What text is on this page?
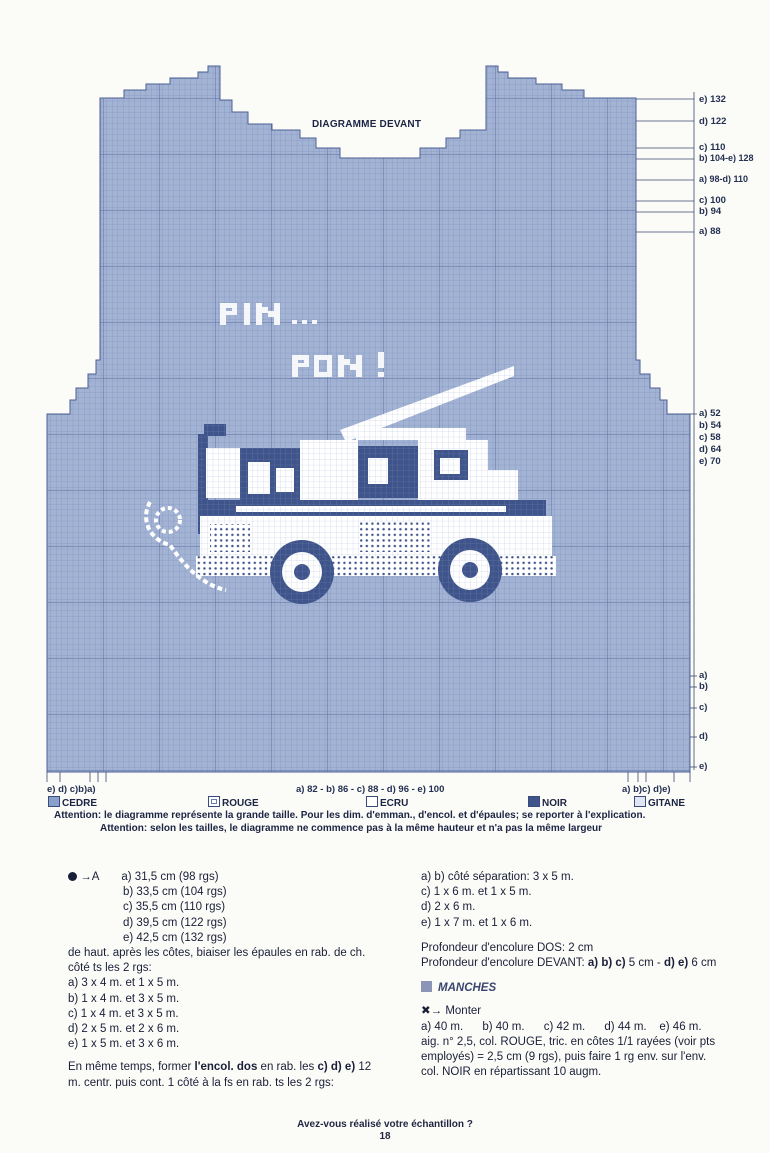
DIAGRAMME DEVANT
e) 132
d) 122
c) 110
b) 104-e) 128
a) 98-d) 110
c) 100
b) 94
a) 88
a) 52
b) 54
c) 58
d) 64
e) 70
a)
b)
c)
d)
e)
e) d) c)b)a)	a) 82 - b) 86 - c) 88 - d) 96 - e) 100	a) b)c) d)e)
CEDRE	ROUGE	ECRU	NOIR	GITANE
Attention: le diagramme représente la grande taille. Pour les dim. d'emman., d'encol. et d'épaules; se reporter à l'explication.
Attention: selon les tailles, le diagramme ne commence pas à la même hauteur et n'a pas la même largeur
→A a) 31,5 cm (98 rgs)
b) 33,5 cm (104 rgs)
c) 35,5 cm (110 rgs)
d) 39,5 cm (122 rgs)
e) 42,5 cm (132 rgs)
de haut. après les côtes, biaiser les épaules en rab. de ch.
côté ts les 2 rgs:
a) 3 x 4 m. et 1 x 5 m.
b) 1 x 4 m. et 3 x 5 m.
c) 1 x 4 m. et 3 x 5 m.
d) 2 x 5 m. et 2 x 6 m.
e) 1 x 5 m. et 3 x 6 m.
En même temps, former l'encol. dos en rab. les c) d) e) 12
m. centr. puis cont. 1 côté à la fs en rab. ts les 2 rgs:
a) b) côté séparation: 3 x 5 m.
c) 1 x 6 m. et 1 x 5 m.
d) 2 x 6 m.
e) 1 x 7 m. et 1 x 6 m.
Profondeur d'encolure DOS: 2 cm
Profondeur d'encolure DEVANT: a) b) c) 5 cm - d) e) 6 cm
MANCHES
✖→ Monter
a) 40 m.      b) 40 m.      c) 42 m.      d) 44 m.    e) 46 m.
aig. n° 2,5, col. ROUGE, tric. en côtes 1/1 rayées (voir pts
employés) = 2,5 cm (9 rgs), puis faire 1 rg env. sur l'env.
col. NOIR en répartissant 10 augm.
Avez-vous réalisé votre échantillon ?
18
